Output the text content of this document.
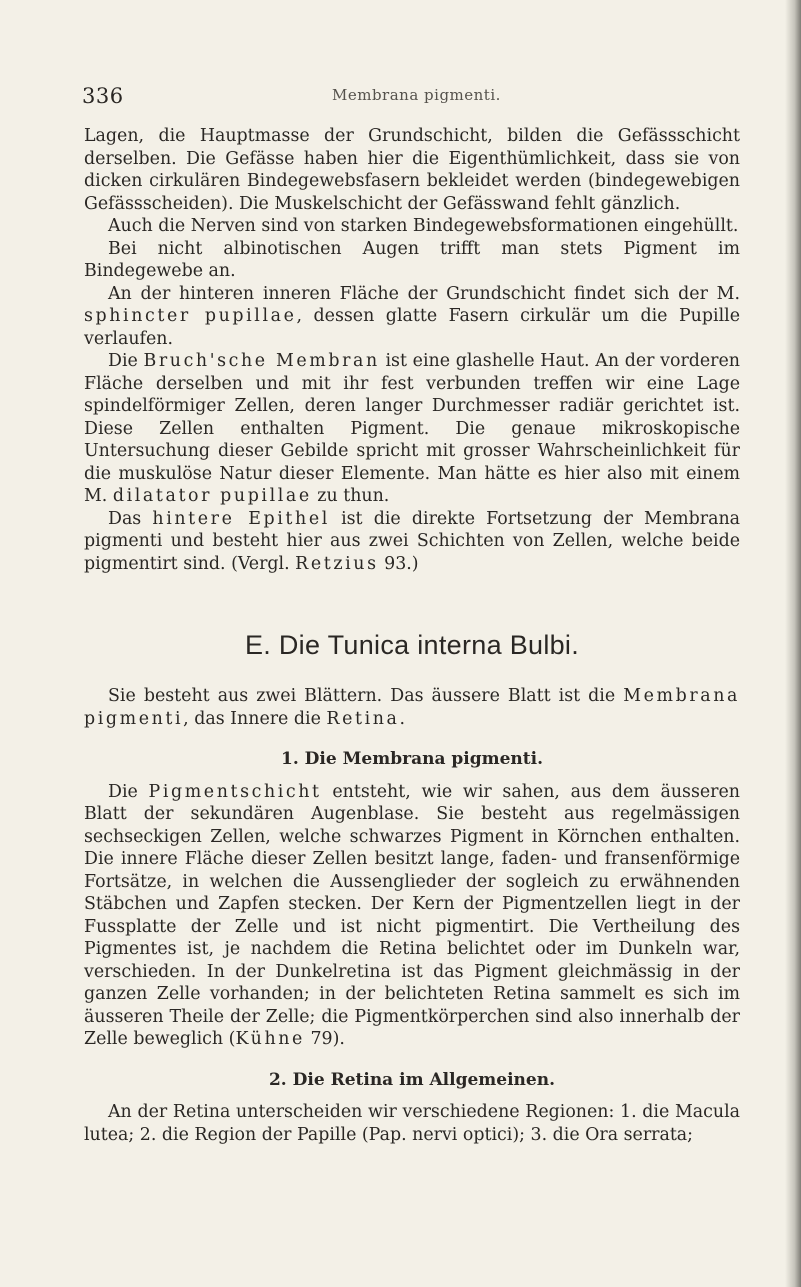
336	Membrana pigmenti.

Lagen, die Hauptmasse der Grundschicht, bilden die Gefässschicht derselben. Die Gefässe haben hier die Eigenthümlichkeit, dass sie von dicken cirkulären Bindegewebsfasern bekleidet werden (bindegewebigen Gefässscheiden). Die Muskelschicht der Gefässwand fehlt gänzlich.

Auch die Nerven sind von starken Bindegewebsformationen eingehüllt.

Bei nicht albinotischen Augen trifft man stets Pigment im Bindegewebe an.

An der hinteren inneren Fläche der Grundschicht findet sich der M. sphincter pupillae, dessen glatte Fasern cirkulär um die Pupille verlaufen.

Die Bruch'sche Membran ist eine glashelle Haut. An der vorderen Fläche derselben und mit ihr fest verbunden treffen wir eine Lage spindelförmiger Zellen, deren langer Durchmesser radiär gerichtet ist. Diese Zellen enthalten Pigment. Die genaue mikroskopische Untersuchung dieser Gebilde spricht mit grosser Wahrscheinlichkeit für die muskulöse Natur dieser Elemente. Man hätte es hier also mit einem M. dilatator pupillae zu thun.

Das hintere Epithel ist die direkte Fortsetzung der Membrana pigmenti und besteht hier aus zwei Schichten von Zellen, welche beide pigmentirt sind. (Vergl. Retzius 93.)

E. Die Tunica interna Bulbi.

Sie besteht aus zwei Blättern. Das äussere Blatt ist die Membrana pigmenti, das Innere die Retina.

1. Die Membrana pigmenti.

Die Pigmentschicht entsteht, wie wir sahen, aus dem äusseren Blatt der sekundären Augenblase. Sie besteht aus regelmässigen sechseckigen Zellen, welche schwarzes Pigment in Körnchen enthalten. Die innere Fläche dieser Zellen besitzt lange, faden- und fransenförmige Fortsätze, in welchen die Aussenglieder der sogleich zu erwähnenden Stäbchen und Zapfen stecken. Der Kern der Pigmentzellen liegt in der Fussplatte der Zelle und ist nicht pigmentirt. Die Vertheilung des Pigmentes ist, je nachdem die Retina belichtet oder im Dunkeln war, verschieden. In der Dunkelretina ist das Pigment gleichmässig in der ganzen Zelle vorhanden; in der belichteten Retina sammelt es sich im äusseren Theile der Zelle; die Pigmentkörperchen sind also innerhalb der Zelle beweglich (Kühne 79).

2. Die Retina im Allgemeinen.

An der Retina unterscheiden wir verschiedene Regionen: 1. die Macula lutea; 2. die Region der Papille (Pap. nervi optici); 3. die Ora serrata;
